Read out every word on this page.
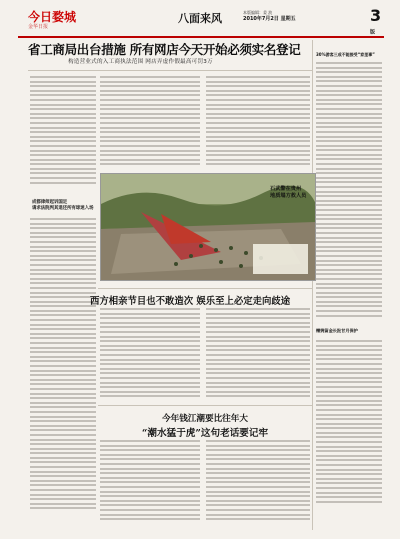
今日婺城
金华日报
八面来风	本版编辑：姜 波
2010年7月2日 星期五	$3^版$
省工商局出台措施 所有网店今天开始必须实名登记
构造营业式的入工商执法范围 网店弄虚作假最高可罚3万
成都律师起诉国足
请求法院判其退还所有球迷入场
石武警在贵州
地质塌方救人员
西方相亲节目也不敢造次 娱乐至上必定走向歧途
今年钱江潮要比往年大
“潮水猛于虎”这句老话要记牢
30%游客三成不能接受“家里事”
赠婉留金长批甘月保护
